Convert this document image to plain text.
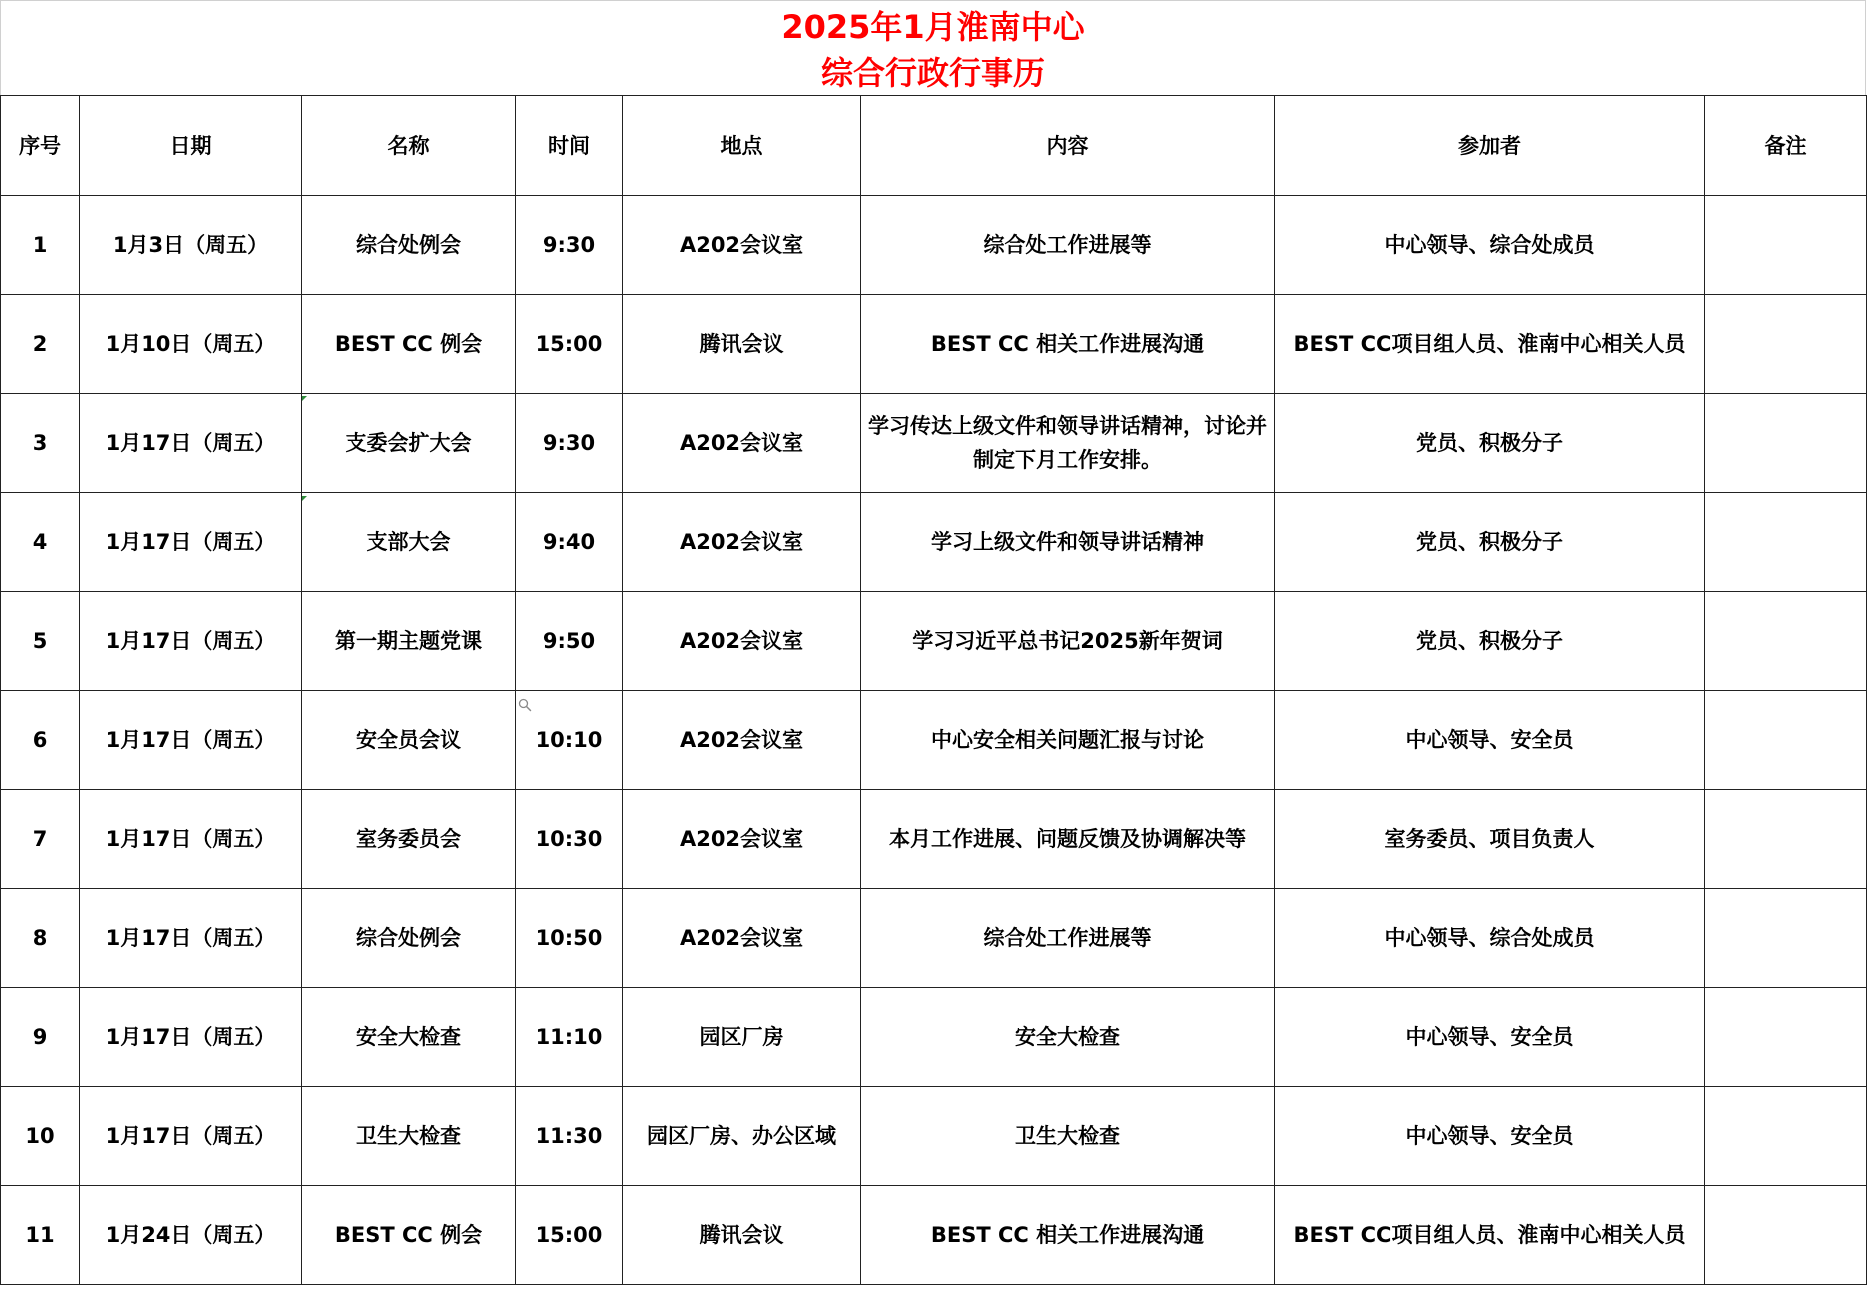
2025年1月淮南中心
综合行政行事历
序号	日期	名称	时间	地点	内容	参加者	备注
1	1月3日（周五）	综合处例会	9:30	A202会议室	综合处工作进展等	中心领导、综合处成员	
2	1月10日（周五）	BEST CC 例会	15:00	腾讯会议	BEST CC 相关工作进展沟通	BEST CC项目组人员、淮南中心相关人员	
3	1月17日（周五）	支委会扩大会	9:30	A202会议室	学习传达上级文件和领导讲话精神，讨论并制定下月工作安排。	党员、积极分子	
4	1月17日（周五）	支部大会	9:40	A202会议室	学习上级文件和领导讲话精神	党员、积极分子	
5	1月17日（周五）	第一期主题党课	9:50	A202会议室	学习习近平总书记2025新年贺词	党员、积极分子	
6	1月17日（周五）	安全员会议	10:10	A202会议室	中心安全相关问题汇报与讨论	中心领导、安全员	
7	1月17日（周五）	室务委员会	10:30	A202会议室	本月工作进展、问题反馈及协调解决等	室务委员、项目负责人	
8	1月17日（周五）	综合处例会	10:50	A202会议室	综合处工作进展等	中心领导、综合处成员	
9	1月17日（周五）	安全大检查	11:10	园区厂房	安全大检查	中心领导、安全员	
10	1月17日（周五）	卫生大检查	11:30	园区厂房、办公区域	卫生大检查	中心领导、安全员	
11	1月24日（周五）	BEST CC 例会	15:00	腾讯会议	BEST CC 相关工作进展沟通	BEST CC项目组人员、淮南中心相关人员	
